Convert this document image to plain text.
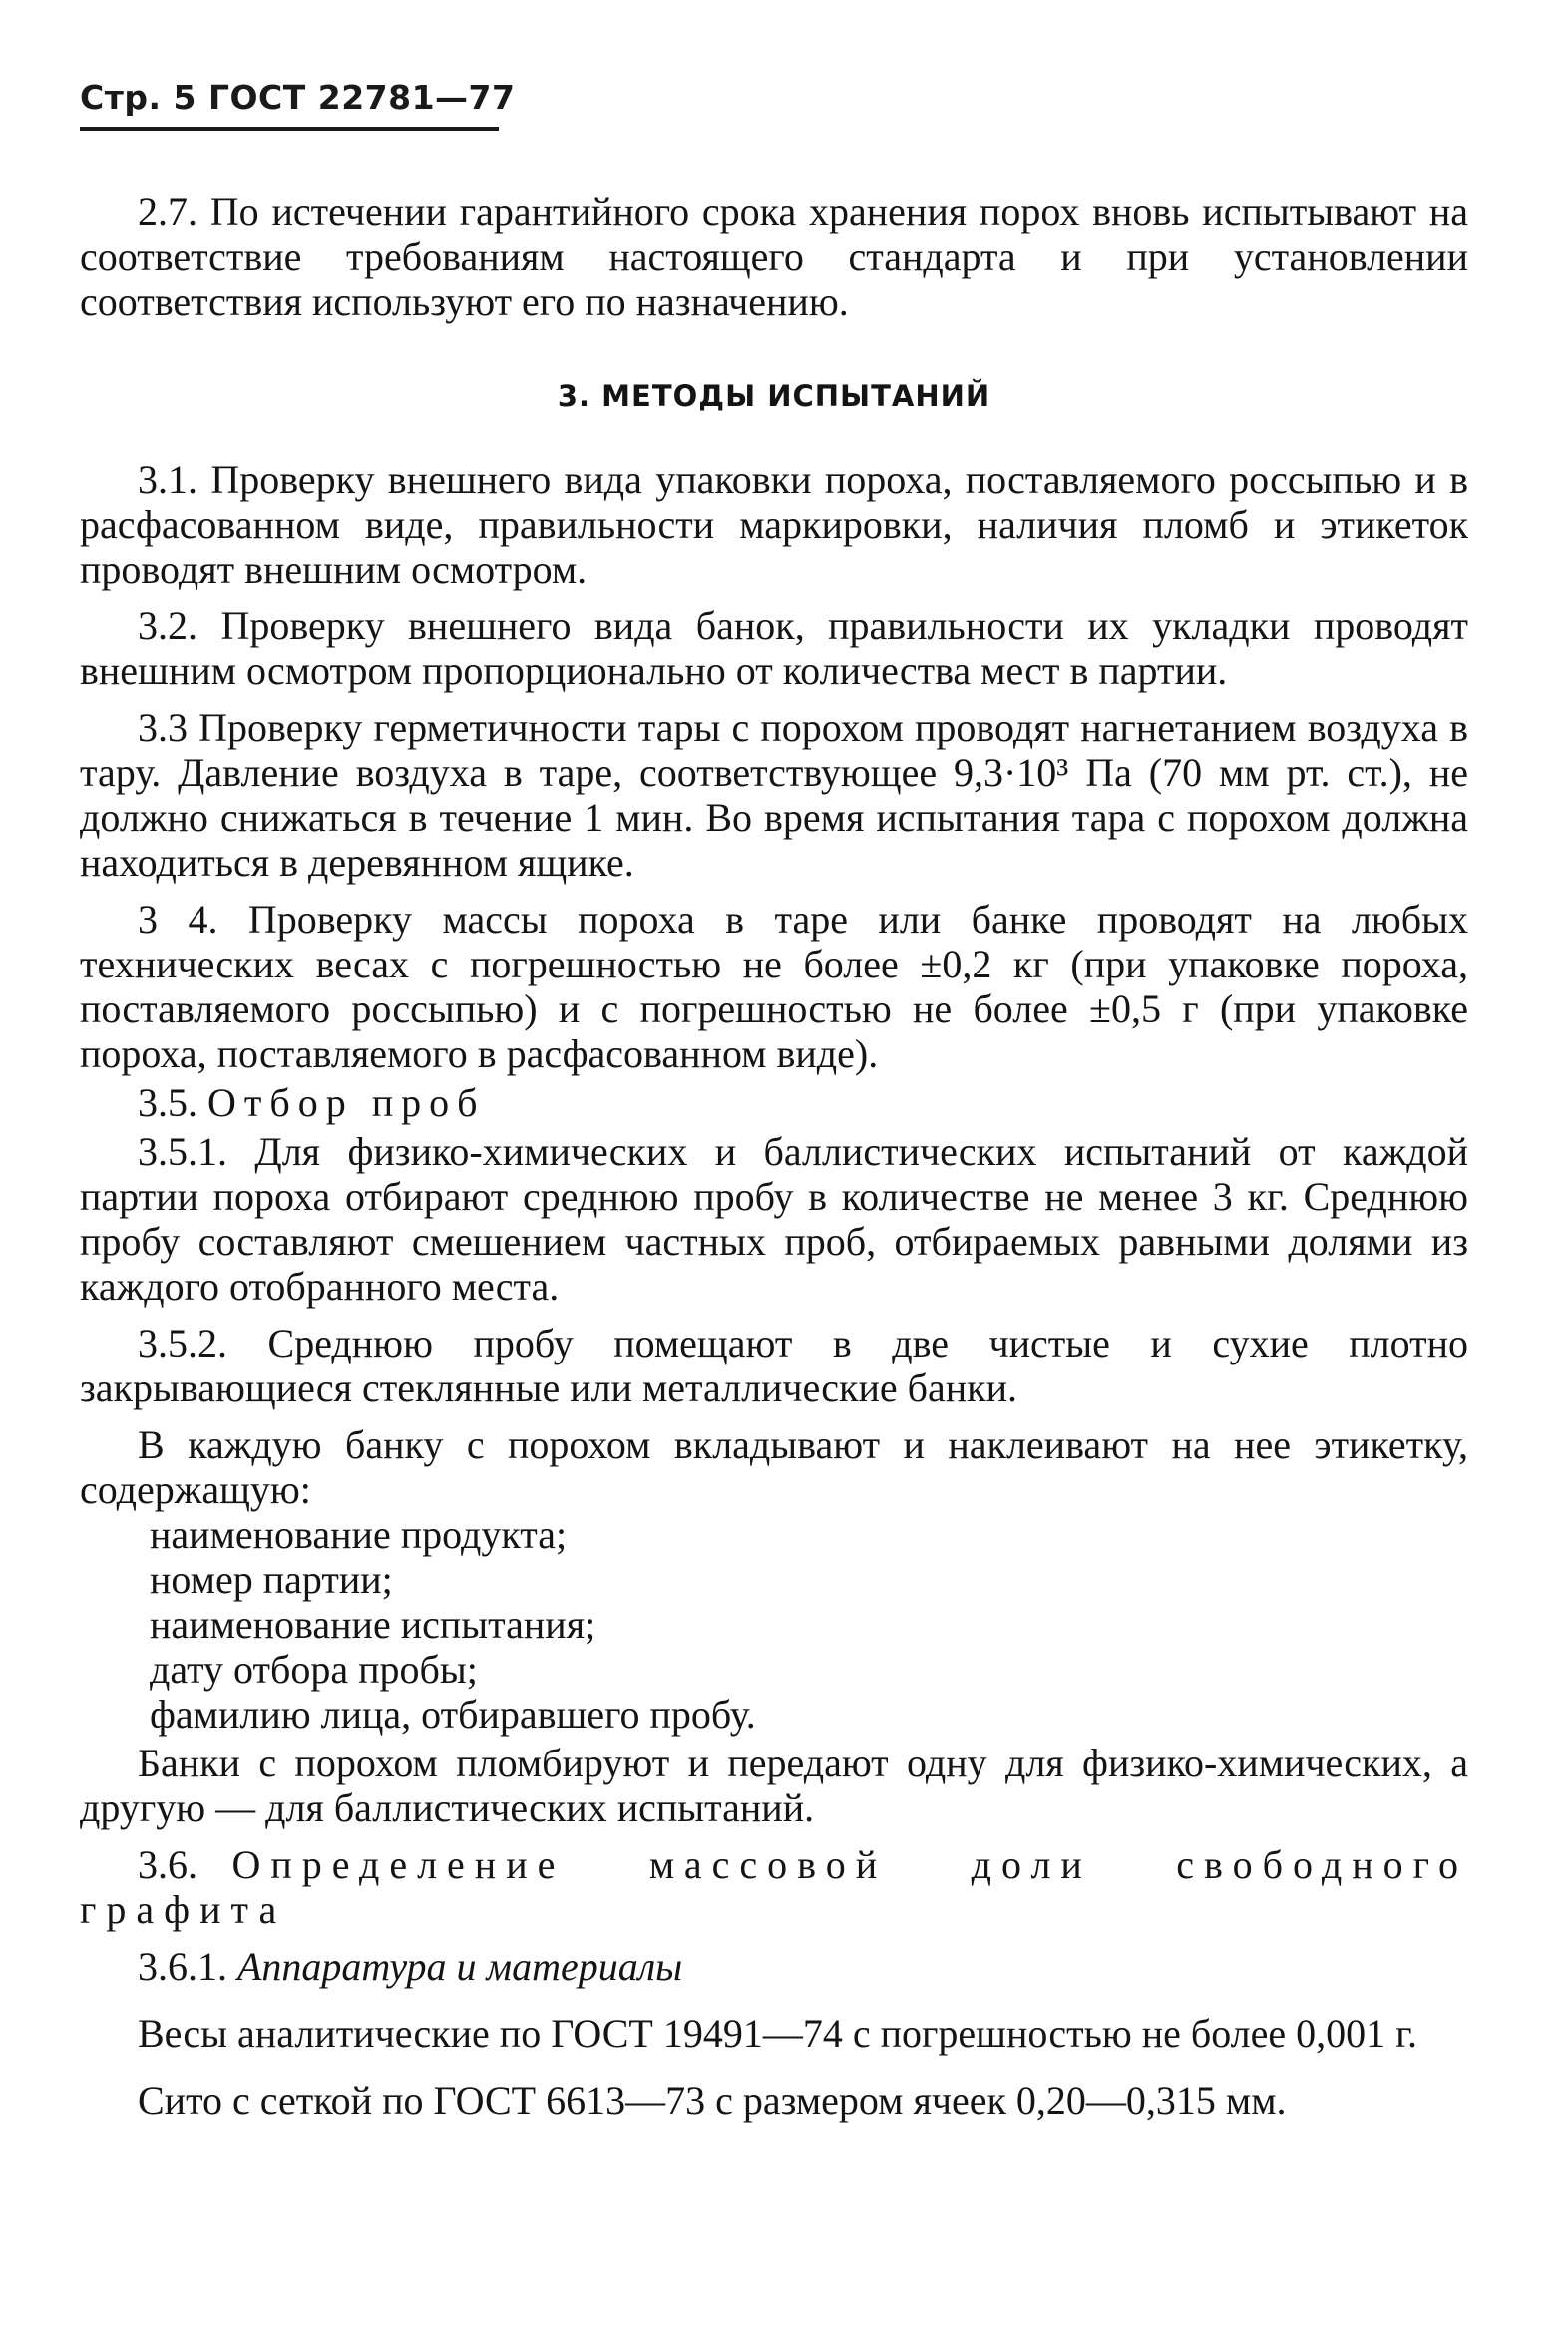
Стр. 5 ГОСТ 22781—77

2.7. По истечении гарантийного срока хранения порох вновь испытывают на соответствие требованиям настоящего стандарта и при установлении соответствия используют его по назначению.

3. МЕТОДЫ ИСПЫТАНИЙ

3.1. Проверку внешнего вида упаковки пороха, поставляемого россыпью и в расфасованном виде, правильности маркировки, наличия пломб и этикеток проводят внешним осмотром.

3.2. Проверку внешнего вида банок, правильности их укладки проводят внешним осмотром пропорционально от количества мест в партии.

3.3 Проверку герметичности тары с порохом проводят нагнетанием воздуха в тару. Давление воздуха в таре, соответствующее 9,3·10³ Па (70 мм рт. ст.), не должно снижаться в течение 1 мин. Во время испытания тара с порохом должна находиться в деревянном ящике.

3 4. Проверку массы пороха в таре или банке проводят на любых технических весах с погрешностью не более ±0,2 кг (при упаковке пороха, поставляемого россыпью) и с погрешностью не более ±0,5 г (при упаковке пороха, поставляемого в расфасованном виде).

3.5. Отбор проб

3.5.1. Для физико-химических и баллистических испытаний от каждой партии пороха отбирают среднюю пробу в количестве не менее 3 кг. Среднюю пробу составляют смешением частных проб, отбираемых равными долями из каждого отобранного места.

3.5.2. Среднюю пробу помещают в две чистые и сухие плотно закрывающиеся стеклянные или металлические банки.

В каждую банку с порохом вкладывают и наклеивают на нее этикетку, содержащую:

наименование продукта;

номер партии;

наименование испытания;

дату отбора пробы;

фамилию лица, отбиравшего пробу.

Банки с порохом пломбируют и передают одну для физико-химических, а другую — для баллистических испытаний.

3.6. Определение массовой доли свободного графита

3.6.1. Аппаратура и материалы

Весы аналитические по ГОСТ 19491—74 с погрешностью не более 0,001 г.

Сито с сеткой по ГОСТ 6613—73 с размером ячеек 0,20—0,315 мм.
